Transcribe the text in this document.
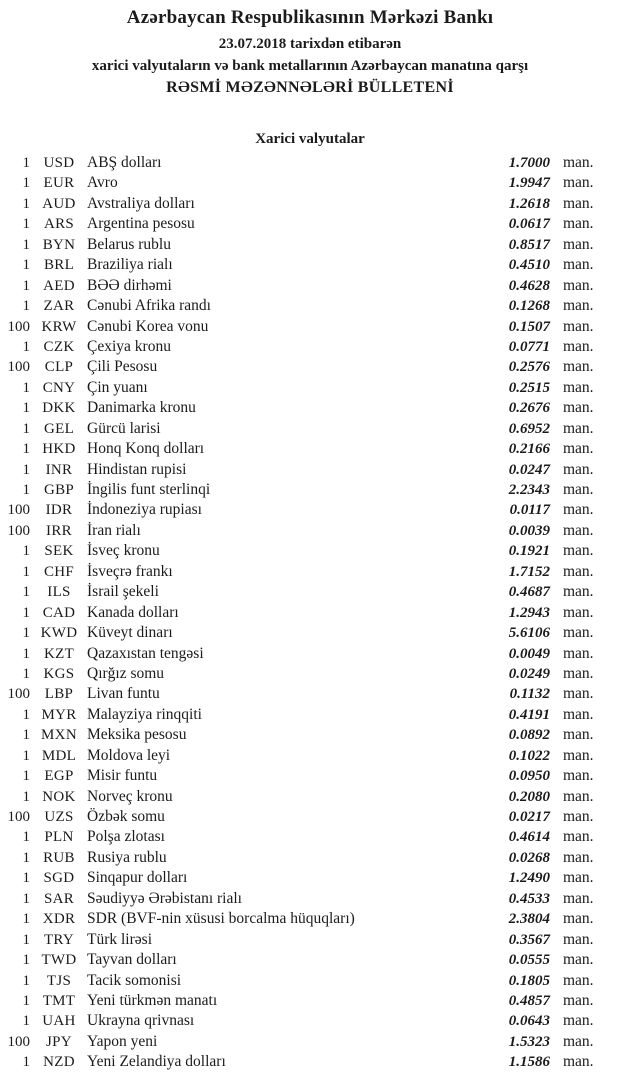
Azərbaycan Respublikasının Mərkəzi Bankı
23.07.2018 tarixdən etibarən
xarici valyutaların və bank metallarının Azərbaycan manatına qarşı
RƏSMİ MƏZƏNNƏLƏRİ BÜLLETENİ
Xarici valyutalar
1 USD ABŞ dolları	1.7000 man.
1 EUR Avro	1.9947 man.
1 AUD Avstraliya dolları	1.2618 man.
1 ARS Argentina pesosu	0.0617 man.
1 BYN Belarus rublu	0.8517 man.
1 BRL Braziliya rialı	0.4510 man.
1 AED BƏƏ dirhəmi	0.4628 man.
1 ZAR Cənubi Afrika randı	0.1268 man.
100 KRW Cənubi Korea vonu	0.1507 man.
1 CZK Çexiya kronu	0.0771 man.
100 CLP Çili Pesosu	0.2576 man.
1 CNY Çin yuanı	0.2515 man.
1 DKK Danimarka kronu	0.2676 man.
1 GEL Gürcü larisi	0.6952 man.
1 HKD Honq Konq dolları	0.2166 man.
1	INR Hindistan rupisi	0.0247 man.
1 GBP İngilis funt sterlinqi	2.2343 man.
100	IDR İndoneziya rupiası	0.0117 man.
100	IRR İran rialı	0.0039 man.
1 SEK İsveç kronu	0.1921 man.
1 CHF İsveçrə frankı	1.7152 man.
1	ILS	İsrail şekeli	0.4687 man.
1 CAD Kanada dolları	1.2943 man.
1 KWD Küveyt dinarı	5.6106 man.
1 KZT Qazaxıstan tengəsi	0.0049 man.
1 KGS Qırğız somu	0.0249 man.
100 LBP Livan funtu	0.1132 man.
1 MYR Malayziya rinqqiti	0.4191 man.
1 MXN Meksika pesosu	0.0892 man.
1 MDL Moldova leyi	0.1022 man.
1 EGP Misir funtu	0.0950 man.
1 NOK Norveç kronu	0.2080 man.
100 UZS Özbək somu	0.0217 man.
1 PLN Polşa zlotası	0.4614 man.
1 RUB Rusiya rublu	0.0268 man.
1 SGD Sinqapur dolları	1.2490 man.
1 SAR Səudiyyə Ərəbistanı rialı	0.4533 man.
1 XDR SDR (BVF-nin xüsusi borcalma hüquqları)	2.3804 man.
1 TRY Türk lirəsi	0.3567 man.
1 TWD Tayvan dolları	0.0555 man.
1	TJS	Tacik somonisi	0.1805 man.
1 TMT Yeni türkmən manatı	0.4857 man.
1 UAH Ukrayna qrivnası	0.0643 man.
100	JPY Yapon yeni	1.5323 man.
1 NZD Yeni Zelandiya dolları	1.1586 man.
